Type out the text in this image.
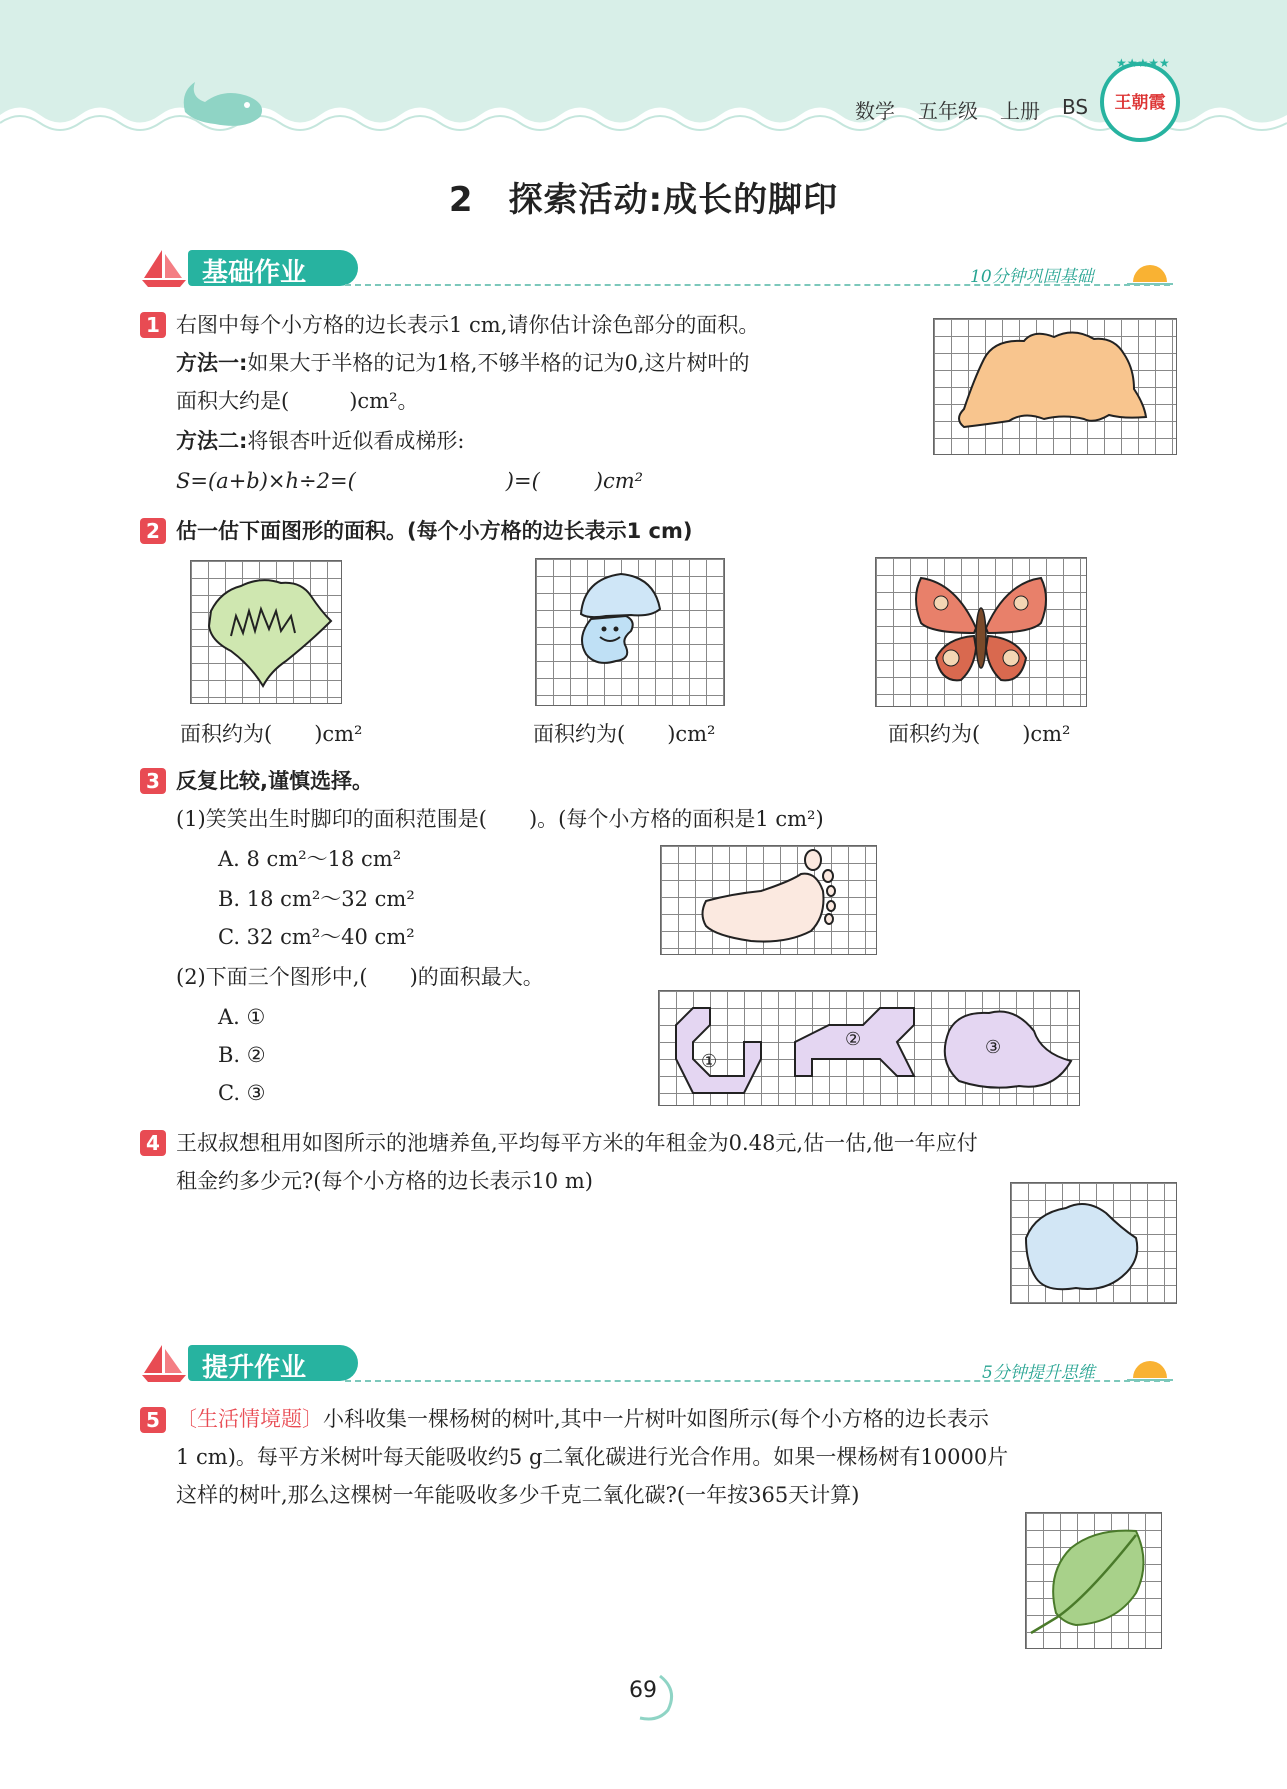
数学 五年级 上册 BS	王朝霞
★★★★★
2　探索活动:成长的脚印
基础作业	10分钟巩固基础
1 右图中每个小方格的边长表示1 cm,请你估计涂色部分的面积。
方法一:如果大于半格的记为1格,不够半格的记为0,这片树叶的
面积大约是(	)cm²。
方法二:将银杏叶近似看成梯形:
S=(a+b)×h÷2=(	)=(	)cm²
2 估一估下面图形的面积。(每个小方格的边长表示1 cm)
面积约为(　　)cm²	面积约为(　　)cm²	面积约为(　　)cm²
3 反复比较,谨慎选择。
(1)笑笑出生时脚印的面积范围是(　　)。(每个小方格的面积是1 cm²)
A. 8 cm²～18 cm²
B. 18 cm²～32 cm²
C. 32 cm²～40 cm²
(2)下面三个图形中,(　　)的面积最大。
A. ①
B. ②
C. ③
①
②	③
4 王叔叔想租用如图所示的池塘养鱼,平均每平方米的年租金为0.48元,估一估,他一年应付
租金约多少元?(每个小方格的边长表示10 m)
提升作业	5分钟提升思维
5 〔生活情境题〕小科收集一棵杨树的树叶,其中一片树叶如图所示(每个小方格的边长表示
1 cm)。每平方米树叶每天能吸收约5 g二氧化碳进行光合作用。如果一棵杨树有10000片
这样的树叶,那么这棵树一年能吸收多少千克二氧化碳?(一年按365天计算)
69
